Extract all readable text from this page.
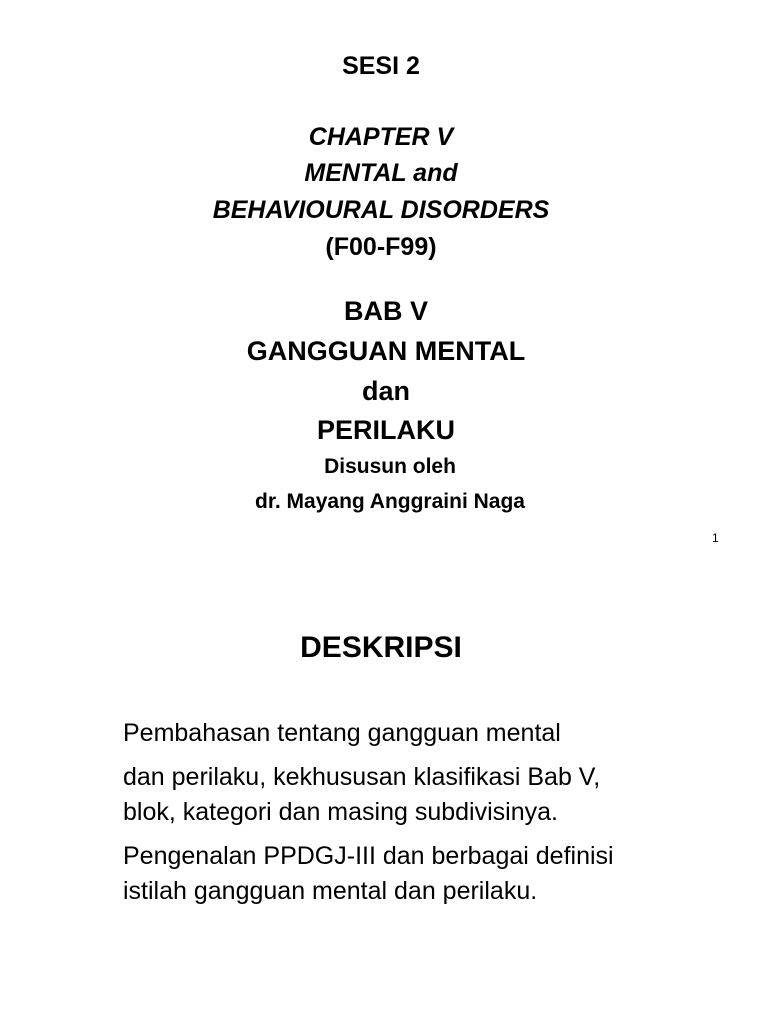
SESI 2
CHAPTER V
MENTAL and
BEHAVIOURAL DISORDERS
(F00-F99)
BAB V
GANGGUAN MENTAL
dan
PERILAKU
Disusun oleh
dr. Mayang Anggraini Naga
1
DESKRIPSI
Pembahasan tentang gangguan mental
dan perilaku, kekhususan klasifikasi Bab V,
blok, kategori dan masing subdivisinya.
Pengenalan PPDGJ-III dan berbagai definisi
istilah gangguan mental dan perilaku.
